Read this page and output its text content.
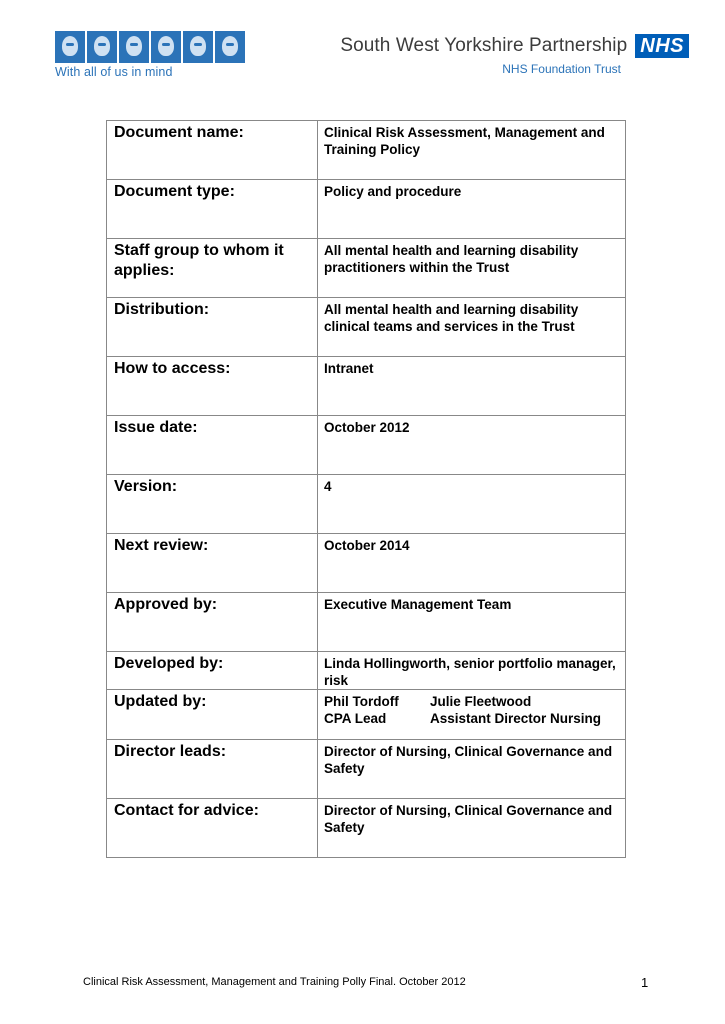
With all of us in mind
South West Yorkshire Partnership NHS
NHS Foundation Trust
Document name:	Clinical Risk Assessment, Management and Training Policy
Document type:	Policy and procedure
Staff group to whom it applies:	All mental health and learning disability practitioners within the Trust
Distribution:	All mental health and learning disability clinical teams and services in the Trust
How to access:	Intranet
Issue date:	October 2012
Version:	4
Next review:	October 2014
Approved by:	Executive Management Team
Developed by:	Linda Hollingworth, senior portfolio manager, risk
Updated by:	Phil Tordoff Julie Fleetwood
CPA Lead Assistant Director Nursing

Director leads:	Director of Nursing, Clinical Governance and Safety
Contact for advice:	Director of Nursing, Clinical Governance and Safety
Clinical Risk Assessment, Management and Training Polly Final. October 2012	1
